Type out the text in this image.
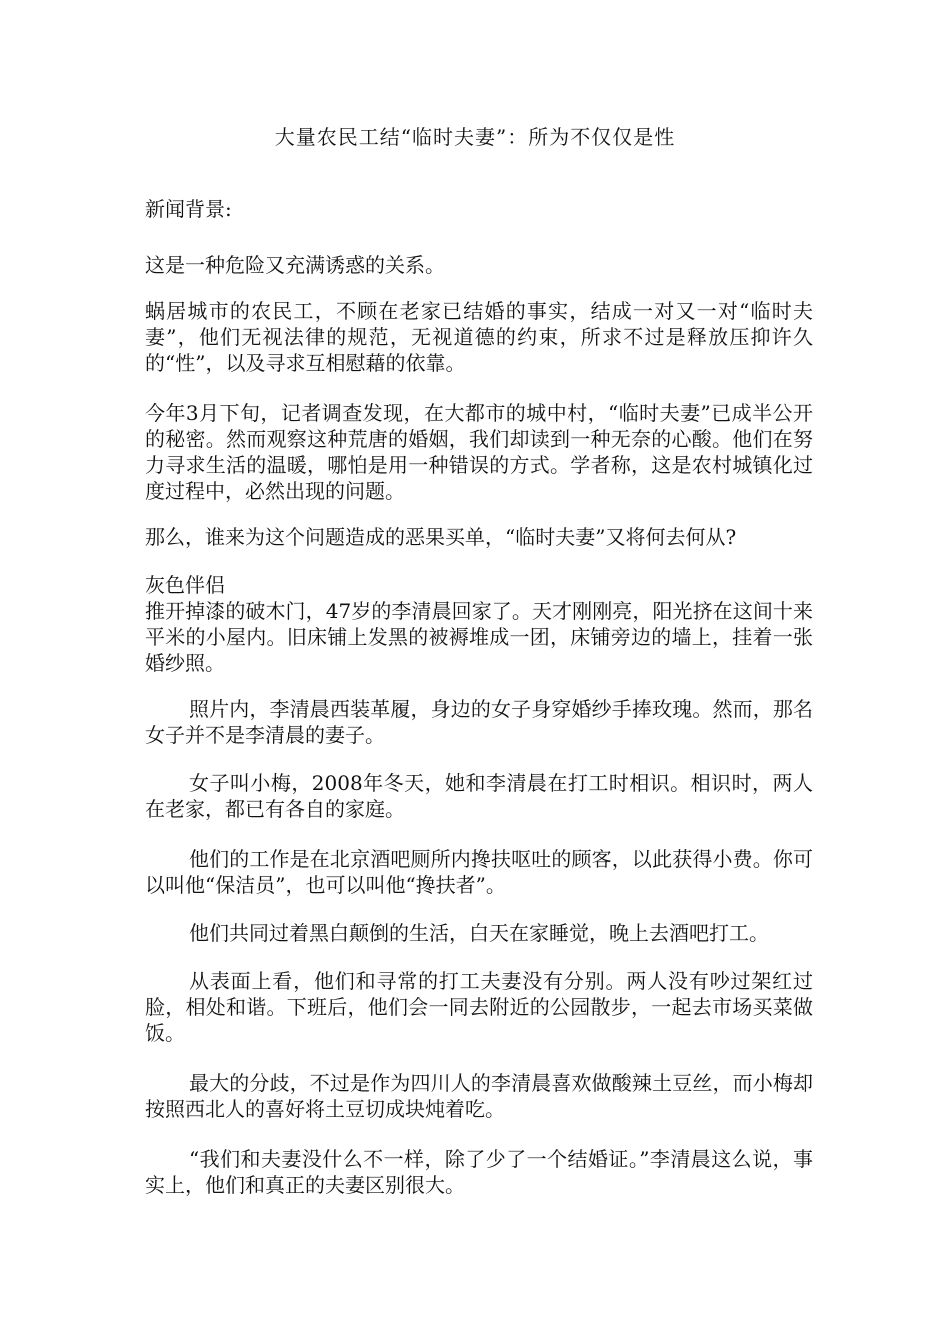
大量农民工结“临时夫妻”：所为不仅仅是性

新闻背景:

这是一种危险又充满诱惑的关系。

蜗居城市的农民工，不顾在老家已结婚的事实，结成一对又一对“临时夫妻”，他们无视法律的规范，无视道德的约束，所求不过是释放压抑许久的“性”，以及寻求互相慰藉的依靠。

今年3月下旬，记者调查发现，在大都市的城中村，“临时夫妻”已成半公开的秘密。然而观察这种荒唐的婚姻，我们却读到一种无奈的心酸。他们在努力寻求生活的温暖，哪怕是用一种错误的方式。学者称，这是农村城镇化过度过程中，必然出现的问题。

那么，谁来为这个问题造成的恶果买单，“临时夫妻”又将何去何从?

灰色伴侣

推开掉漆的破木门，47岁的李清晨回家了。天才刚刚亮，阳光挤在这间十来平米的小屋内。旧床铺上发黑的被褥堆成一团，床铺旁边的墙上，挂着一张婚纱照。

照片内，李清晨西装革履，身边的女子身穿婚纱手捧玫瑰。然而，那名女子并不是李清晨的妻子。

女子叫小梅，2008年冬天，她和李清晨在打工时相识。相识时，两人在老家，都已有各自的家庭。

他们的工作是在北京酒吧厕所内搀扶呕吐的顾客，以此获得小费。你可以叫他“保洁员”，也可以叫他“搀扶者”。

他们共同过着黑白颠倒的生活，白天在家睡觉，晚上去酒吧打工。

从表面上看，他们和寻常的打工夫妻没有分别。两人没有吵过架红过脸，相处和谐。下班后，他们会一同去附近的公园散步，一起去市场买菜做饭。

最大的分歧，不过是作为四川人的李清晨喜欢做酸辣土豆丝，而小梅却按照西北人的喜好将土豆切成块炖着吃。

“我们和夫妻没什么不一样，除了少了一个结婚证。”李清晨这么说，事实上，他们和真正的夫妻区别很大。
